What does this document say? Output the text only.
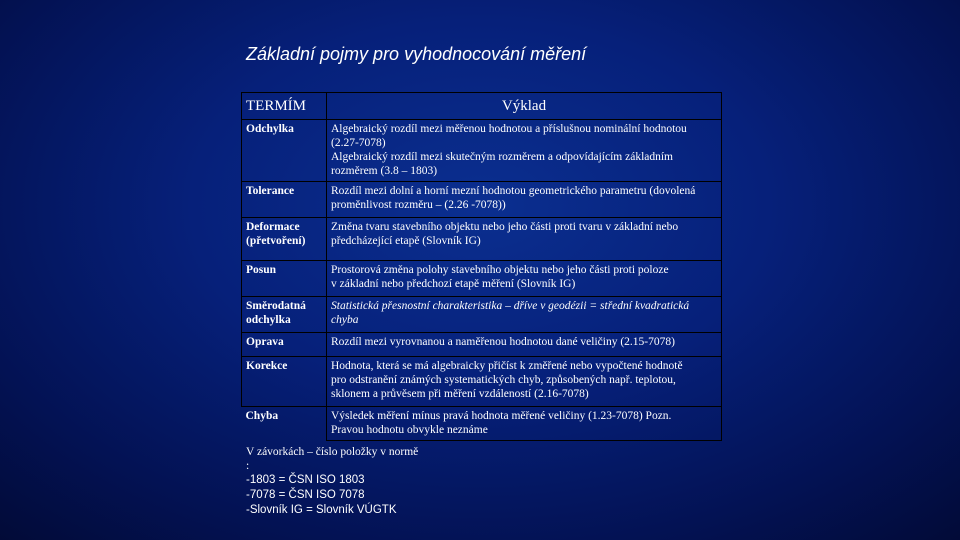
Základní pojmy pro vyhodnocování měření
TERMÍM	Výklad
Odchylka	Algebraický rozdíl mezi měřenou hodnotou a příslušnou nominální hodnotou
(2.27-7078)
Algebraický rozdíl mezi skutečným rozměrem a odpovídajícím základním
rozměrem (3.8 – 1803)

Tolerance	Rozdíl mezi dolní a horní mezní hodnotou geometrického parametru (dovolená
proměnlivost rozměru – (2.26 -7078))

Deformace (přetvoření)	Změna tvaru stavebního objektu nebo jeho části proti tvaru v základní nebo
předcházející etapě (Slovník IG)

Posun	Prostorová změna polohy stavebního objektu nebo jeho části proti poloze
v základní nebo předchozí etapě měření (Slovník IG)

Směrodatná odchylka	Statistická přesnostní charakteristika – dříve v geodézii = střední kvadratická
chyba

Oprava	Rozdíl mezi vyrovnanou a naměřenou hodnotou dané veličiny (2.15-7078)

Korekce	Hodnota, která se má algebraicky přičíst k změřené nebo vypočtené hodnotě
pro odstranění známých systematických chyb, způsobených např. teplotou,
sklonem a průvěsem při měření vzdáleností (2.16-7078)

Chyba	Výsledek měření mínus pravá hodnota měřené veličiny (1.23-7078) Pozn.
Pravou hodnotu obvykle neznáme
V závorkách – číslo položky v normě
:
-1803 = ČSN ISO 1803
-7078 = ČSN ISO 7078
-Slovník IG = Slovník VÚGTK
